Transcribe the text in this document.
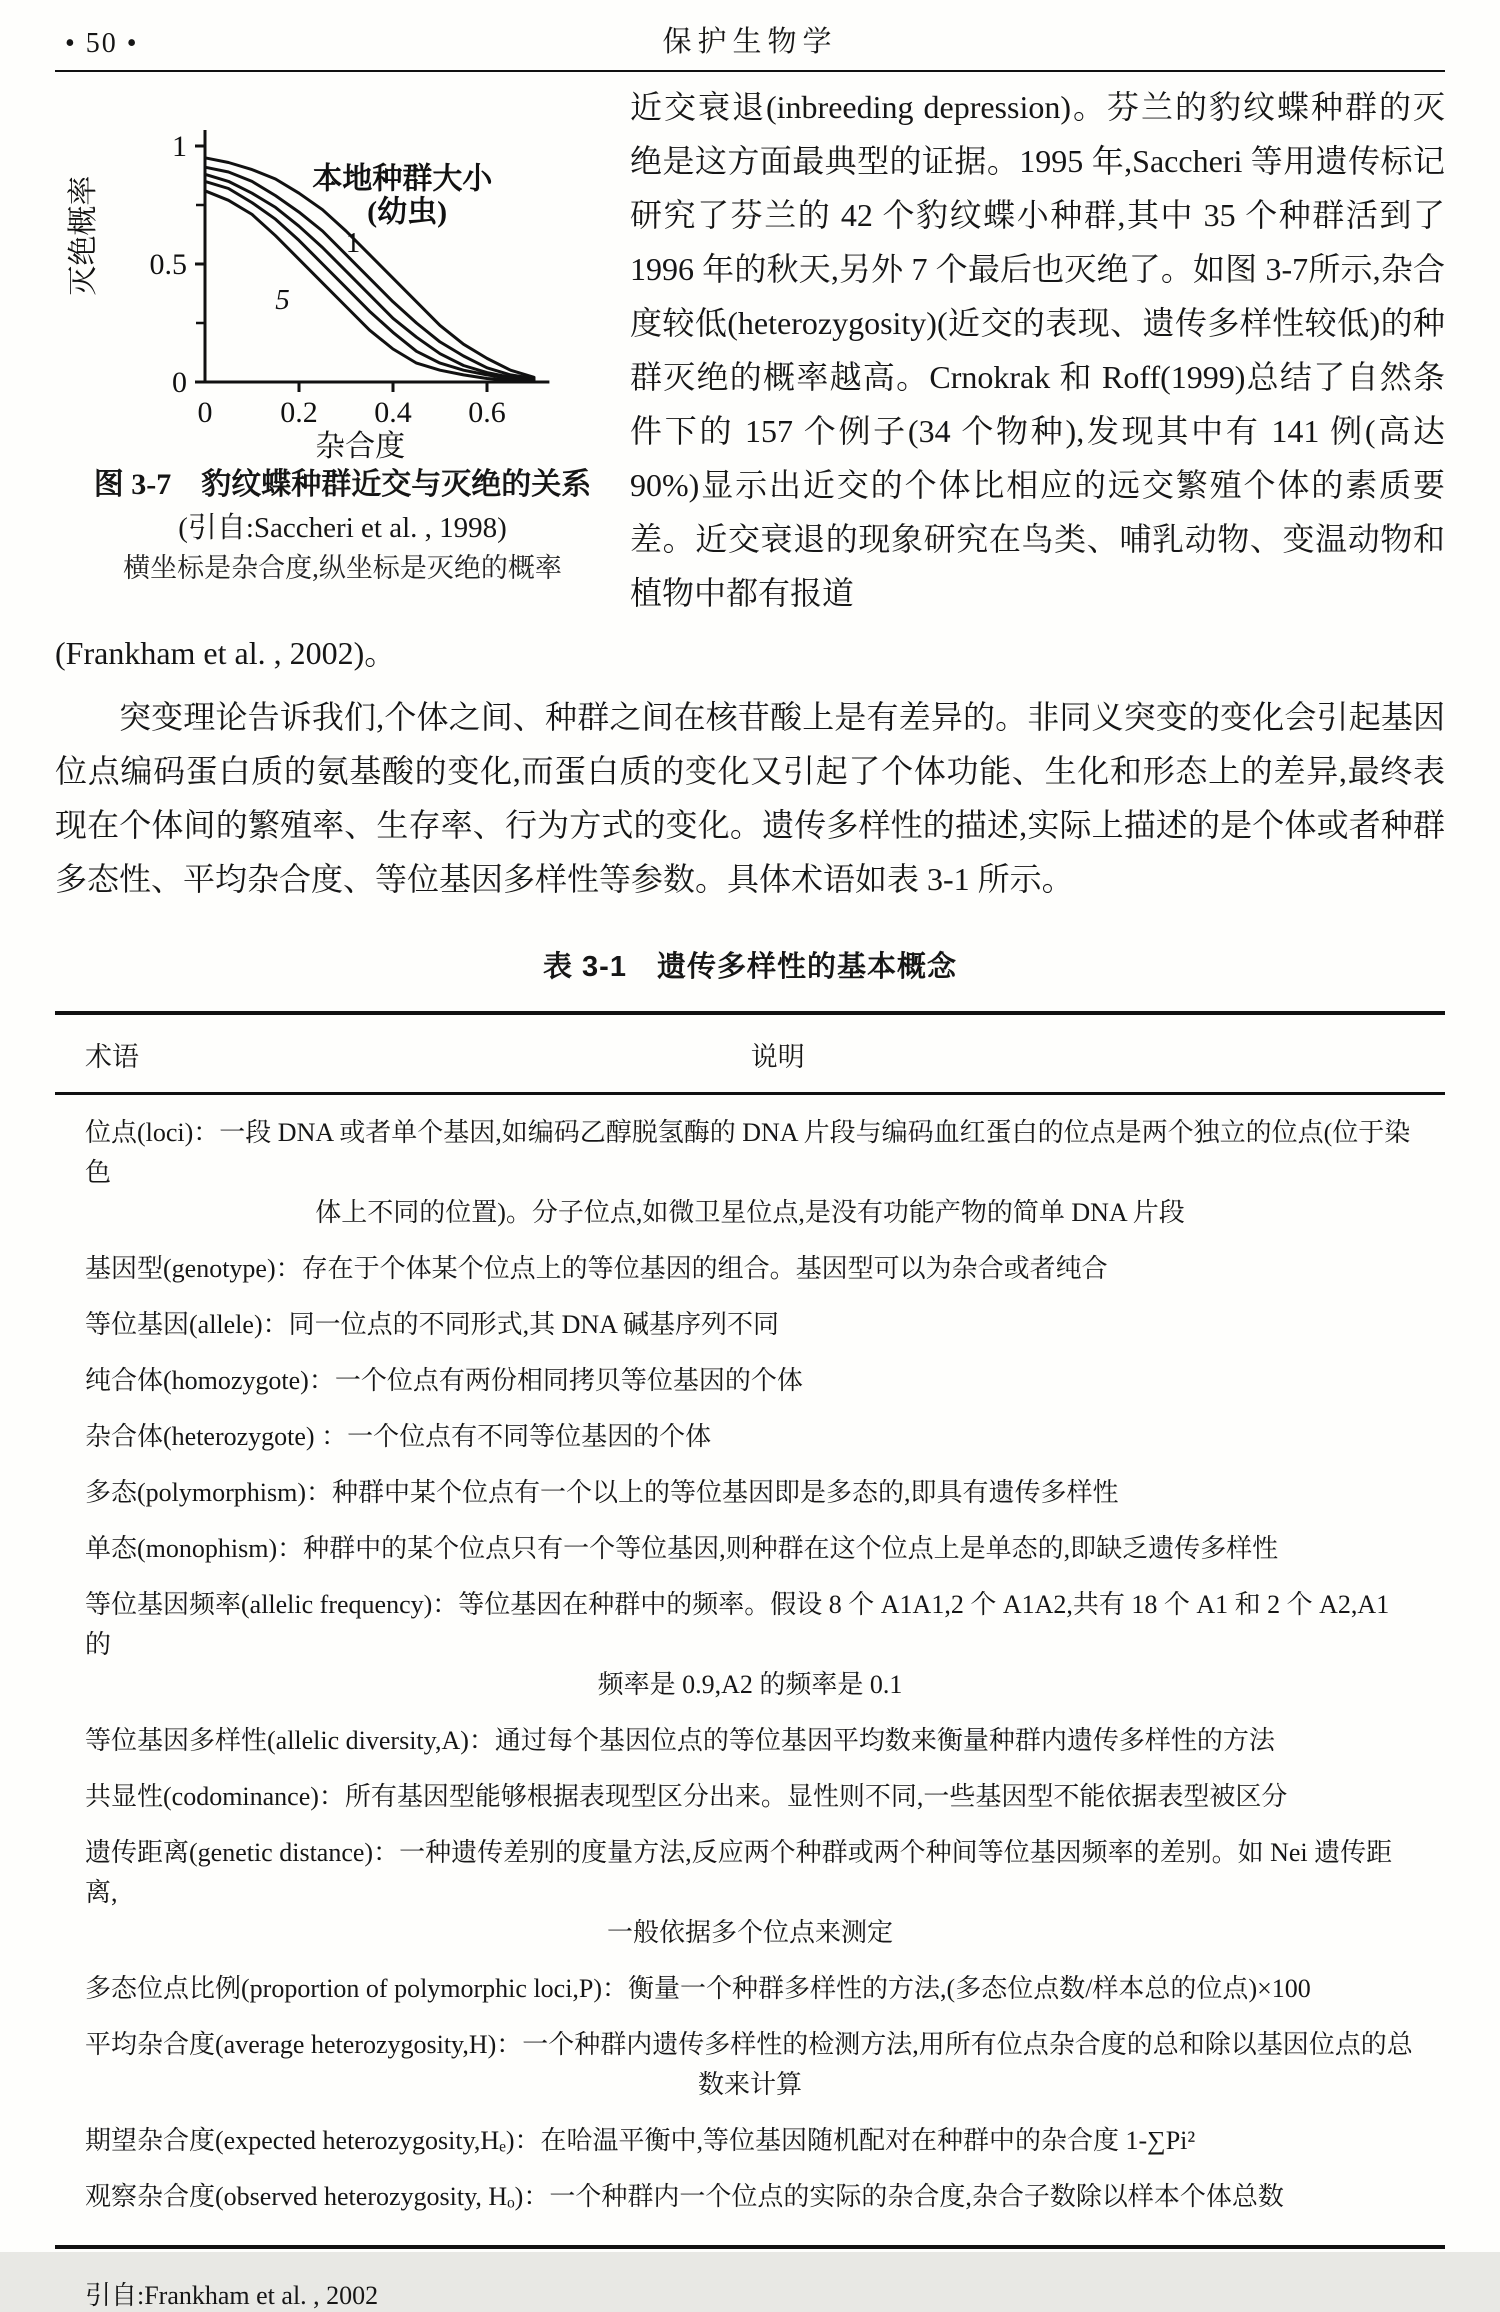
• 50 •	保护生物学
0
0.5
1
0 0.2 0.4 0.6
杂合度
灭绝概率	本地种群大小
(幼虫)
1
5
图 3-7　豹纹蝶种群近交与灭绝的关系
(引自:Saccheri et al. , 1998)
横坐标是杂合度,纵坐标是灭绝的概率
近交衰退(inbreeding depression)。芬兰的豹纹蝶种群的灭绝是这方面最典型的证据。1995 年,Saccheri 等用遗传标记研究了芬兰的 42 个豹纹蝶小种群,其中 35 个种群活到了 1996 年的秋天,另外 7 个最后也灭绝了。如图 3-7所示,杂合度较低(heterozygosity)(近交的表现、遗传多样性较低)的种群灭绝的概率越高。Crnokrak 和 Roff(1999)总结了自然条件下的 157 个例子(34 个物种),发现其中有 141 例(高达 90%)显示出近交的个体比相应的远交繁殖个体的素质要差。近交衰退的现象研究在鸟类、哺乳动物、变温动物和植物中都有报道
(Frankham et al. , 2002)。
突变理论告诉我们,个体之间、种群之间在核苷酸上是有差异的。非同义突变的变化会引起基因位点编码蛋白质的氨基酸的变化,而蛋白质的变化又引起了个体功能、生化和形态上的差异,最终表现在个体间的繁殖率、生存率、行为方式的变化。遗传多样性的描述,实际上描述的是个体或者种群多态性、平均杂合度、等位基因多样性等参数。具体术语如表 3-1 所示。
表 3-1　遗传多样性的基本概念
术语	说明
位点(loci)：一段 DNA 或者单个基因,如编码乙醇脱氢酶的 DNA 片段与编码血红蛋白的位点是两个独立的位点(位于染色
体上不同的位置)。分子位点,如微卫星位点,是没有功能产物的简单 DNA 片段
基因型(genotype)：存在于个体某个位点上的等位基因的组合。基因型可以为杂合或者纯合
等位基因(allele)：同一位点的不同形式,其 DNA 碱基序列不同
纯合体(homozygote)：一个位点有两份相同拷贝等位基因的个体
杂合体(heterozygote) ：一个位点有不同等位基因的个体
多态(polymorphism)：种群中某个位点有一个以上的等位基因即是多态的,即具有遗传多样性
单态(monophism)：种群中的某个位点只有一个等位基因,则种群在这个位点上是单态的,即缺乏遗传多样性
等位基因频率(allelic frequency)：等位基因在种群中的频率。假设 8 个 A1A1,2 个 A1A2,共有 18 个 A1 和 2 个 A2,A1 的
频率是 0.9,A2 的频率是 0.1
等位基因多样性(allelic diversity,A)：通过每个基因位点的等位基因平均数来衡量种群内遗传多样性的方法
共显性(codominance)：所有基因型能够根据表现型区分出来。显性则不同,一些基因型不能依据表型被区分
遗传距离(genetic distance)：一种遗传差别的度量方法,反应两个种群或两个种间等位基因频率的差别。如 Nei 遗传距离,
一般依据多个位点来测定
多态位点比例(proportion of polymorphic loci,P)：衡量一个种群多样性的方法,(多态位点数/样本总的位点)×100
平均杂合度(average heterozygosity,H)：一个种群内遗传多样性的检测方法,用所有位点杂合度的总和除以基因位点的总
数来计算
期望杂合度(expected heterozygosity,Hₑ)：在哈温平衡中,等位基因随机配对在种群中的杂合度 1-∑Pi²
观察杂合度(observed heterozygosity, Hₒ)：一个种群内一个位点的实际的杂合度,杂合子数除以样本个体总数
引自:Frankham et al. , 2002
